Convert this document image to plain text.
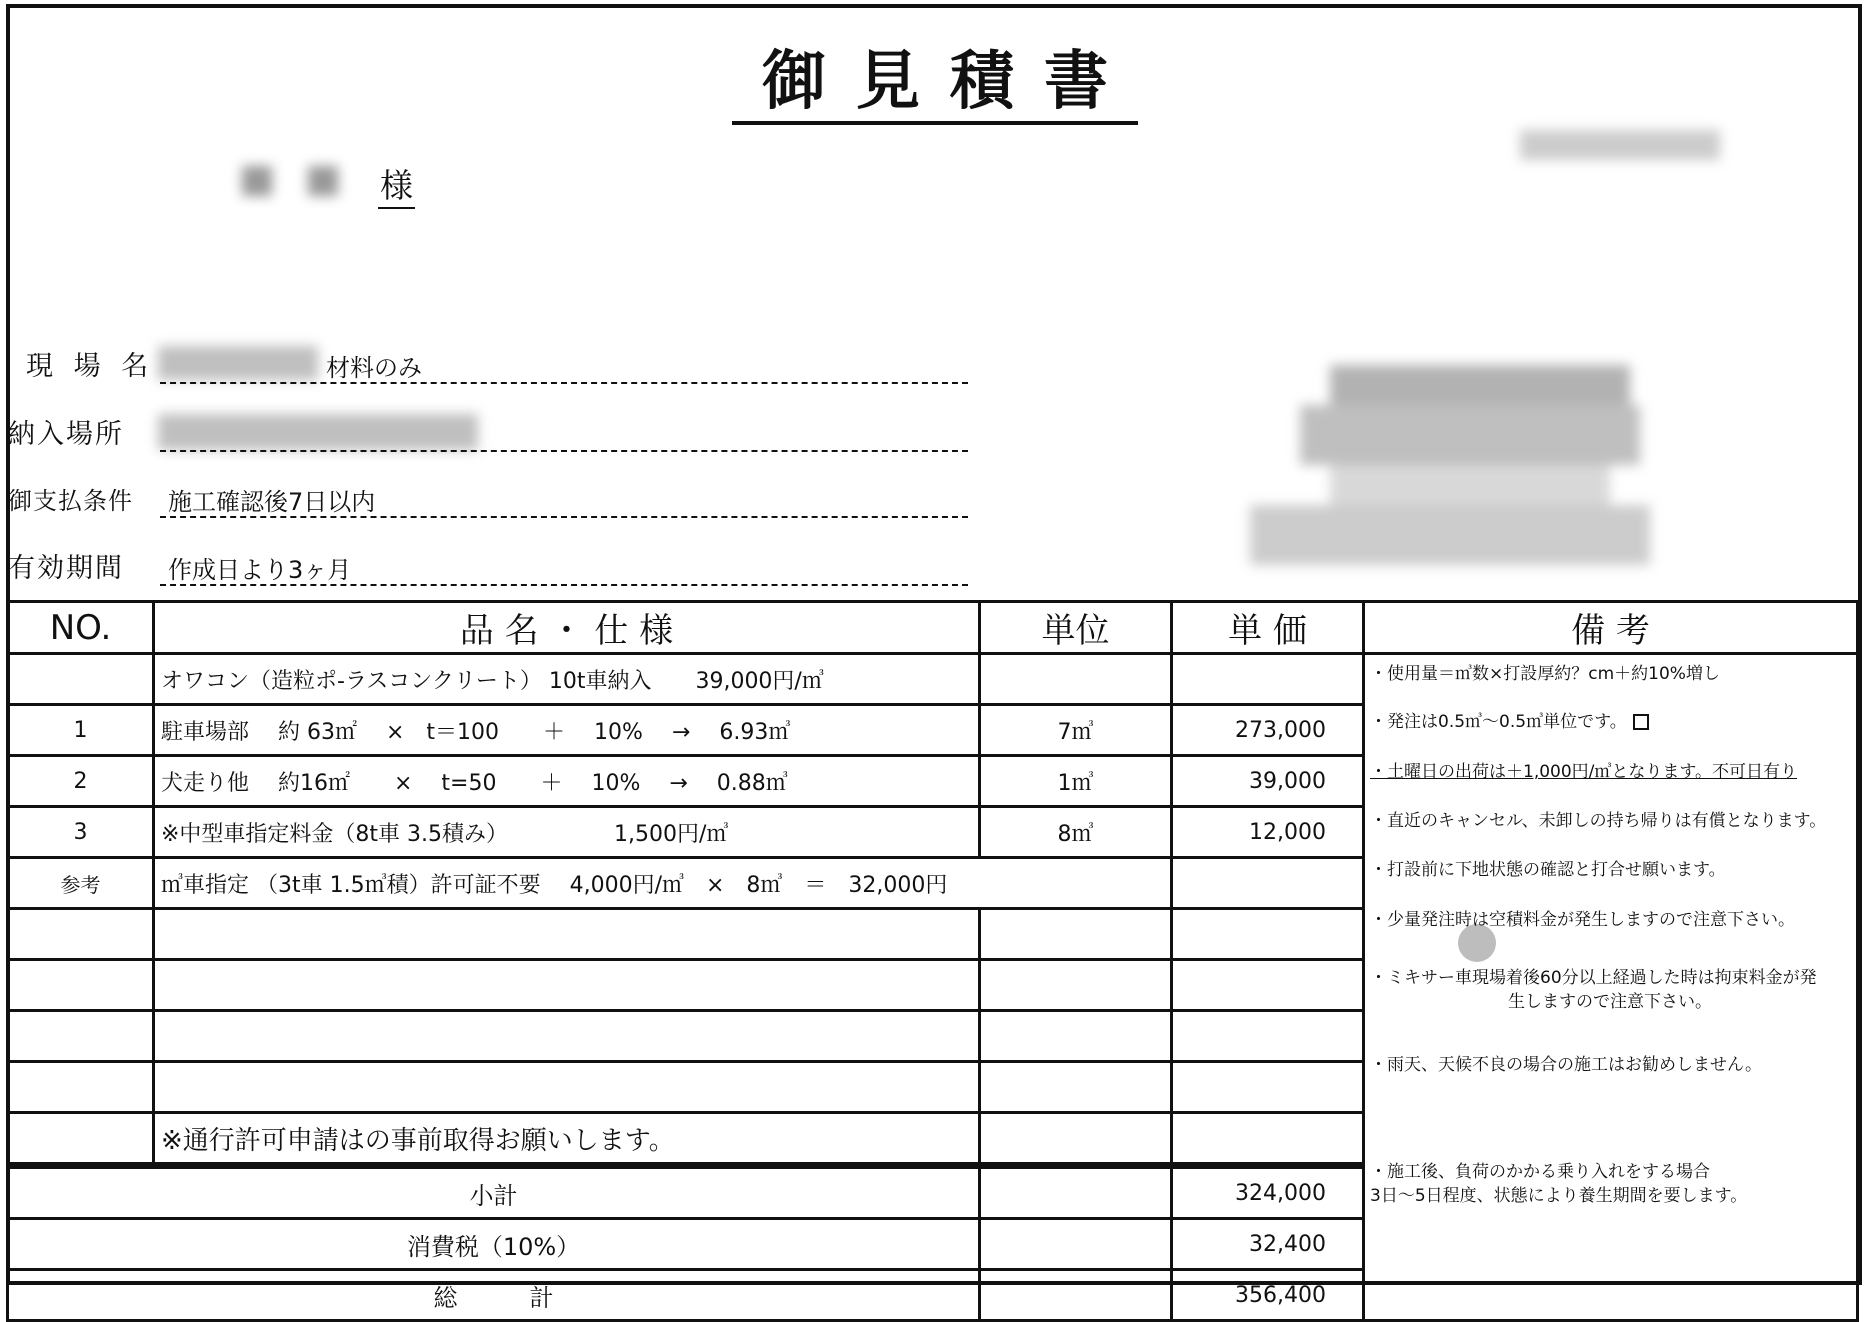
御見積書
様
現 場 名	材料のみ
納入場所
御支払条件 施工確認後7日以内
有効期間 作成日より3ヶ月
NO.	品 名 ・ 仕 様	単位	単 価	備 考
	オワコン（造粒ポ-ラスコンクリート） 10t車納入　　39,000円/㎥			
1	駐車場部　 約 63㎡　 ×　t＝100　　＋　 10%　 →　 6.93㎥	7㎥	273,000	
2	犬走り他　 約16㎡　　×　 t=50　　＋　 10%　 →　 0.88㎥	1㎥	39,000	
3	※中型車指定料金（8t車 3.5積み）　　　　　 1,500円/㎥	8㎥	12,000	
参考	㎥車指定 （3t車 1.5㎥積）許可証不要　 4,000円/㎥　×　8㎥　＝　32,000円			

	※通行許可申請はの事前取得お願いします。			
小計			324,000	
消費税（10%）			32,400	
総　　　計			356,400	
・使用量＝㎥数×打設厚約？cm＋約10%増し
・発注は0.5㎥～0.5㎥単位です。
・土曜日の出荷は＋1,000円/㎥となります。不可日有り
・直近のキャンセル、未卸しの持ち帰りは有償となります。
・打設前に下地状態の確認と打合せ願います。
・少量発注時は空積料金が発生しますので注意下さい。
・ミキサー車現場着後60分以上経過した時は拘束料金が発
生しますので注意下さい。
・雨天、天候不良の場合の施工はお勧めしません。
・施工後、負荷のかかる乗り入れをする場合
3日～5日程度、状態により養生期間を要します。
